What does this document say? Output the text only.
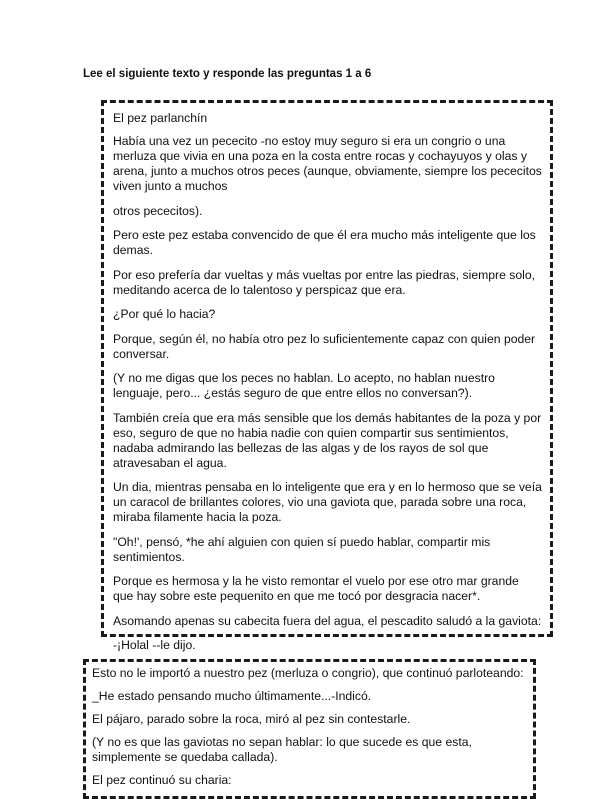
Lee el siguiente texto y responde las preguntas 1 a 6

El pez parlanchín

Había una vez un pececito -no estoy muy seguro si era un congrio o una merluza que vivia en una poza en la costa entre rocas y cochayuyos y olas y arena, junto a muchos otros peces (aunque, obviamente, siempre los pececitos viven junto a muchos

otros pececitos).

Pero este pez estaba convencido de que él era mucho más inteligente que los demas.

Por eso prefería dar vueltas y más vueltas por entre las piedras, siempre solo, meditando acerca de lo talentoso y perspicaz que era.

¿Por qué lo hacia?

Porque, según él, no había otro pez lo suficientemente capaz con quien poder conversar.

(Y no me digas que los peces no hablan. Lo acepto, no hablan nuestro lenguaje, pero... ¿estás seguro de que entre ellos no conversan?).

También creía que era más sensible que los demás habitantes de la poza y por eso, seguro de que no habia nadie con quien compartir sus sentimientos, nadaba admirando las bellezas de las algas y de los rayos de sol que atravesaban el agua.

Un dia, mientras pensaba en lo inteligente que era y en lo hermoso que se veía un caracol de brillantes colores, vio una gaviota que, parada sobre una roca, miraba filamente hacia la poza.

"Oh!', pensó, *he ahí alguien con quien sí puedo hablar, compartir mis sentimientos.

Porque es hermosa y la he visto remontar el vuelo por ese otro mar grande que hay sobre este pequenito en que me tocó por desgracia nacer*.

Asomando apenas su cabecita fuera del agua, el pescadito saludó a la gaviota:

-¡Holal --le dijo.

Esto no le importó a nuestro pez (merluza o congrio), que continuó parloteando:

_He estado pensando mucho últimamente...-Indicó.

El pájaro, parado sobre la roca, miró al pez sin contestarle.

(Y no es que las gaviotas no sepan hablar: lo que sucede es que esta, simplemente se quedaba callada).

El pez continuó su charia:
